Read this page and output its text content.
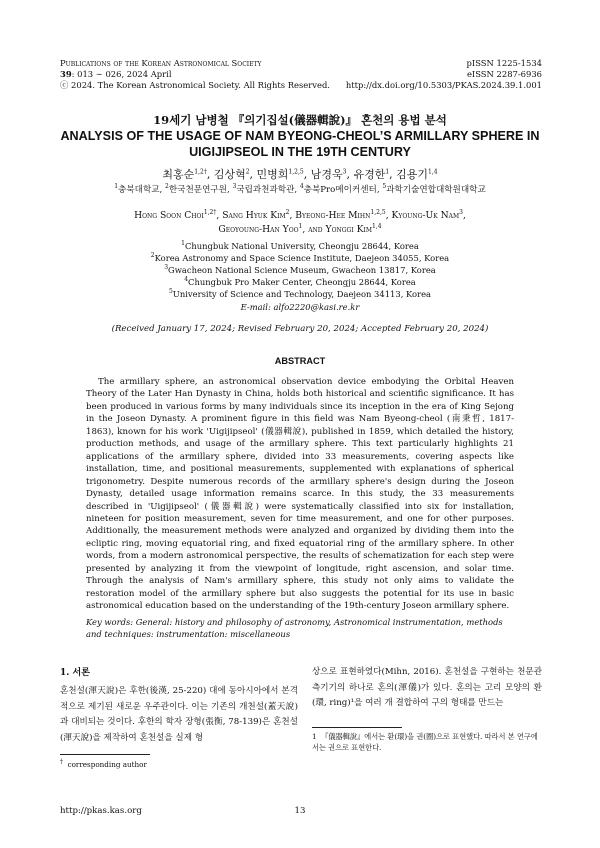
Publications of the Korean Astronomical Society
39: 013 ∼ 026, 2024 April
ⓒ 2024. The Korean Astronomical Society. All Rights Reserved.
pISSN 1225-1534
eISSN 2287-6936
http://dx.doi.org/10.5303/PKAS.2024.39.1.001
19세기 남병철 『의기집설(儀器輯說)』 혼천의 용법 분석
ANALYSIS OF THE USAGE OF NAM BYEONG-CHEOL’S ARMILLARY SPHERE IN
UIGIJIPSEOL IN THE 19TH CENTURY
최홍순$^{1,2\dagger}$, 김상혁$^2$, 민병희$^{1,2,5}$, 남경욱$^3$, 유경한$^1$, 김용기$^{1,4}$
$^1$충북대학교, $^2$한국천문연구원, $^3$국립과천과학관, $^4$충북Pro메이커센터, $^5$과학기술연합대학원대학교
Hong Soon Choi$^{1,2\dagger}$, Sang Hyuk Kim$^2$, Byeong-Hee Mihn$^{1,2,5}$, Kyoung-Uk Nam$^3$,
Geoyoung-Han Yoo$^1$, and Yonggi Kim$^{1,4}$
$^1$Chungbuk National University, Cheongju 28644, Korea
$^2$Korea Astronomy and Space Science Institute, Daejeon 34055, Korea
$^3$Gwacheon National Science Museum, Gwacheon 13817, Korea
$^4$Chungbuk Pro Maker Center, Cheongju 28644, Korea
$^5$University of Science and Technology, Daejeon 34113, Korea
E-mail: alfo2220@kasi.re.kr
(Received January 17, 2024; Revised February 20, 2024; Accepted February 20, 2024)
ABSTRACT
The armillary sphere, an astronomical observation device embodying the Orbital Heaven Theory of the Later Han Dynasty in China, holds both historical and scientific significance. It has been produced in various forms by many individuals since its inception in the era of King Sejong in the Joseon Dynasty. A prominent figure in this field was Nam Byeong-cheol (南秉哲, 1817-1863), known for his work 'Uigijipseol' (儀器輯說), published in 1859, which detailed the history, production methods, and usage of the armillary sphere. This text particularly highlights 21 applications of the armillary sphere, divided into 33 measurements, covering aspects like installation, time, and positional measurements, supplemented with explanations of spherical trigonometry. Despite numerous records of the armillary sphere's design during the Joseon Dynasty, detailed usage information remains scarce. In this study, the 33 measurements described in 'Uigijipseol' (儀器輯說) were systematically classified into six for installation, nineteen for position measurement, seven for time measurement, and one for other purposes. Additionally, the measurement methods were analyzed and organized by dividing them into the ecliptic ring, moving equatorial ring, and fixed equatorial ring of the armillary sphere. In other words, from a modern astronomical perspective, the results of schematization for each step were presented by analyzing it from the viewpoint of longitude, right ascension, and solar time. Through the analysis of Nam's armillary sphere, this study not only aims to validate the restoration model of the armillary sphere but also suggests the potential for its use in basic astronomical education based on the understanding of the 19th-century Joseon armillary sphere.
Key words: General: history and philosophy of astronomy, Astronomical instrumentation, methods and techniques: instrumentation: miscellaneous
1. 서론
혼천설(渾天說)은 후한(後漢, 25-220) 대에 동아시아에서 본격적으로 제기된 새로운 우주관이다. 이는 기존의 개천설(蓋天說)과 대비되는 것이다. 후한의 학자 장형(張衡, 78-139)은 혼천설(渾天說)을 제작하여 혼천설을 실제 형
상으로 표현하였다(Mihn, 2016). 혼천설을 구현하는 천문관측기기의 하나로 혼의(渾儀)가 있다. 혼의는 고리 모양의 환(環, ring)¹을 여러 개 결합하여 구의 형태를 만드는
1 『儀器輯說』에서는 환(環)을 권(圈)으로 표현했다. 따라서 본 연구에서는 권으로 표현한다.
† corresponding author
http://pkas.kas.org	13
